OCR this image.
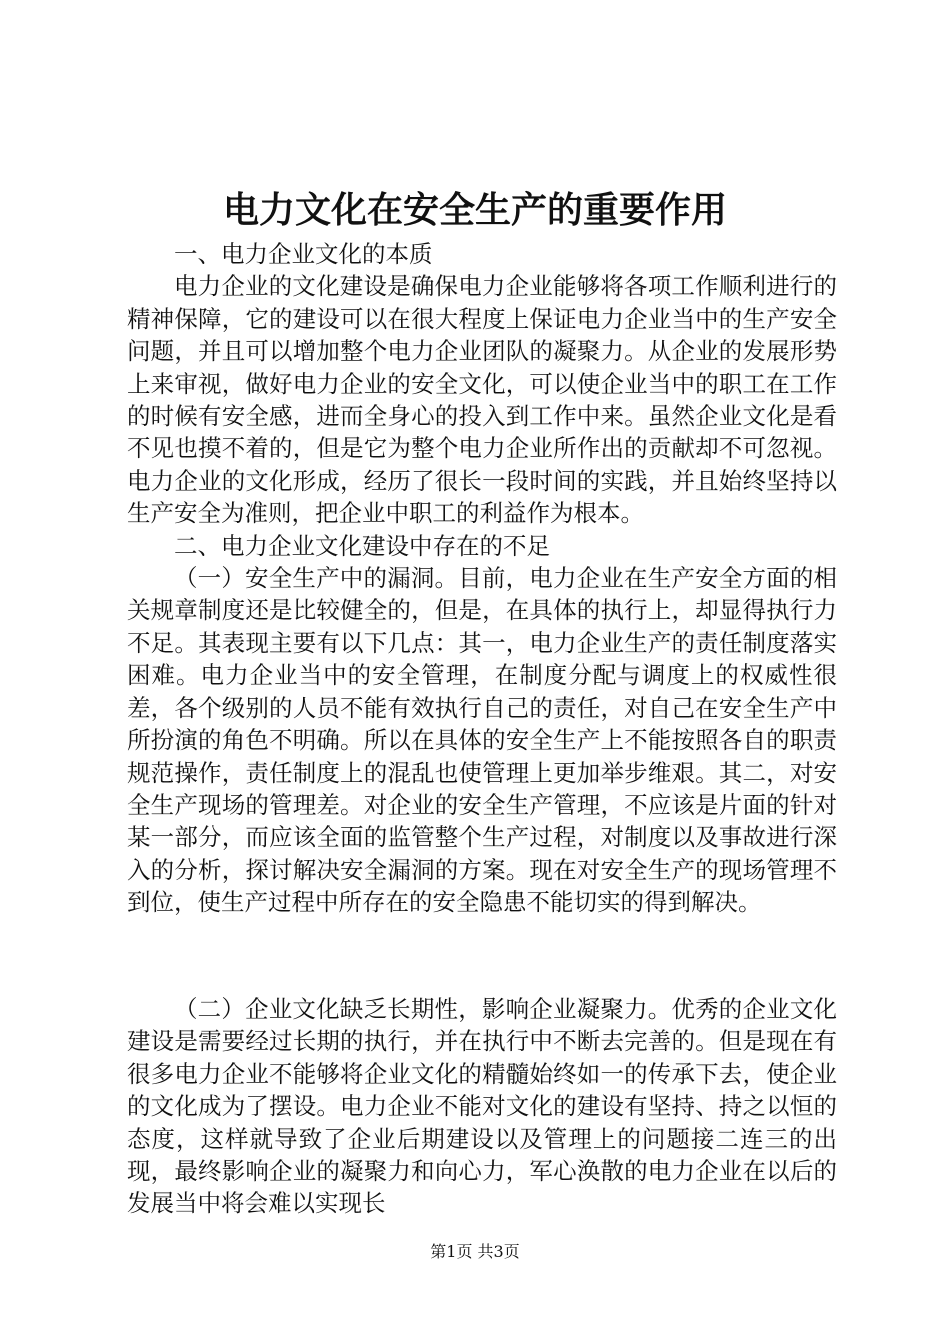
电力文化在安全生产的重要作用

一、电力企业文化的本质

电力企业的文化建设是确保电力企业能够将各项工作顺利进行的精神保障，它的建设可以在很大程度上保证电力企业当中的生产安全问题，并且可以增加整个电力企业团队的凝聚力。从企业的发展形势上来审视，做好电力企业的安全文化，可以使企业当中的职工在工作的时候有安全感，进而全身心的投入到工作中来。虽然企业文化是看不见也摸不着的，但是它为整个电力企业所作出的贡献却不可忽视。电力企业的文化形成，经历了很长一段时间的实践，并且始终坚持以生产安全为准则，把企业中职工的利益作为根本。

二、电力企业文化建设中存在的不足

（一）安全生产中的漏洞。目前，电力企业在生产安全方面的相关规章制度还是比较健全的，但是，在具体的执行上，却显得执行力不足。其表现主要有以下几点：其一，电力企业生产的责任制度落实困难。电力企业当中的安全管理，在制度分配与调度上的权威性很差，各个级别的人员不能有效执行自己的责任，对自己在安全生产中所扮演的角色不明确。所以在具体的安全生产上不能按照各自的职责规范操作，责任制度上的混乱也使管理上更加举步维艰。其二，对安全生产现场的管理差。对企业的安全生产管理，不应该是片面的针对某一部分，而应该全面的监管整个生产过程，对制度以及事故进行深入的分析，探讨解决安全漏洞的方案。现在对安全生产的现场管理不到位，使生产过程中所存在的安全隐患不能切实的得到解决。

（二）企业文化缺乏长期性，影响企业凝聚力。优秀的企业文化建设是需要经过长期的执行，并在执行中不断去完善的。但是现在有很多电力企业不能够将企业文化的精髓始终如一的传承下去，使企业的文化成为了摆设。电力企业不能对文化的建设有坚持、持之以恒的态度，这样就导致了企业后期建设以及管理上的问题接二连三的出现，最终影响企业的凝聚力和向心力，军心涣散的电力企业在以后的发展当中将会难以实现长

第1页 共3页
